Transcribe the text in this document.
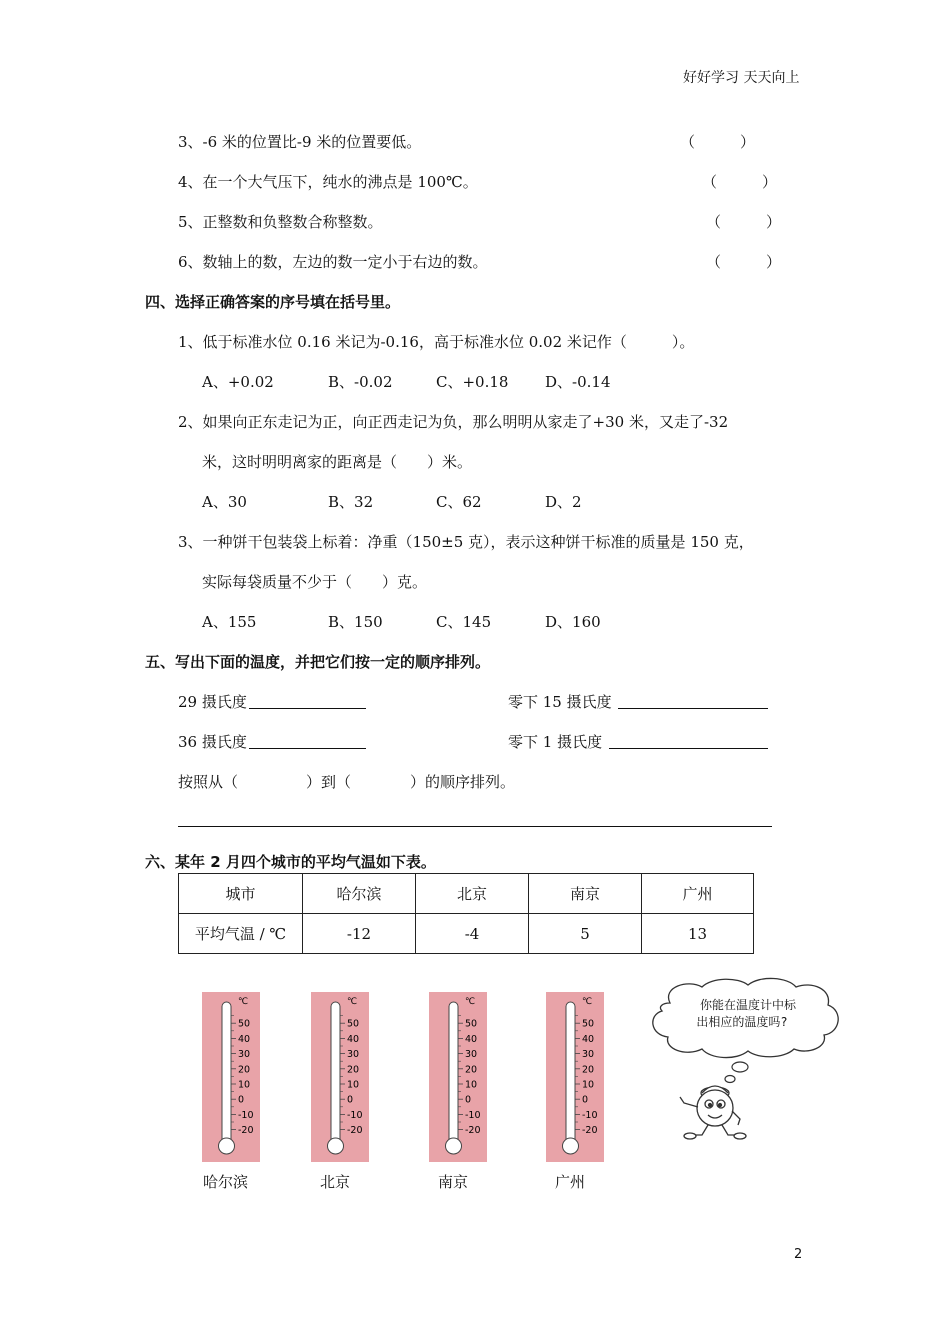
好好学习 天天向上
3、-6 米的位置比-9 米的位置要低。	（　　　）
4、在一个大气压下，纯水的沸点是 100℃。	（　　　）
5、正整数和负整数合称整数。	（　　　）
6、数轴上的数，左边的数一定小于右边的数。	（　　　）
四、选择正确答案的序号填在括号里。
1、低于标准水位 0.16 米记为-0.16，高于标准水位 0.02 米记作（　　　）。
A、+0.02	B、-0.02	C、+0.18 D、-0.14
2、如果向正东走记为正，向正西走记为负，那么明明从家走了+30 米，又走了-32
米，这时明明离家的距离是（　　）米。
A、30	B、32	C、62	D、2
3、一种饼干包装袋上标着：净重（150±5 克），表示这种饼干标准的质量是 150 克，
实际每袋质量不少于（　　）克。
A、155	B、150	C、145	D、160
五、写出下面的温度，并把它们按一定的顺序排列。
29 摄氏度	零下 15 摄氏度
36 摄氏度	零下 1 摄氏度
按照从（	）到（	）的顺序排列。
六、某年 2 月四个城市的平均气温如下表。
城市	哈尔滨	北京	南京	广州
平均气温 / ℃	-12	-4	5	13
℃
50
40
30
20
10
0
-10
-20
℃
50
40
30
20
10
0
-10
-20
℃
50
40
30
20
10
0
-10
-20
℃
50
40
30
20
10
0
-10
-20
哈尔滨	北京	南京	广州
你能在温度计中标
出相应的温度吗?
2
